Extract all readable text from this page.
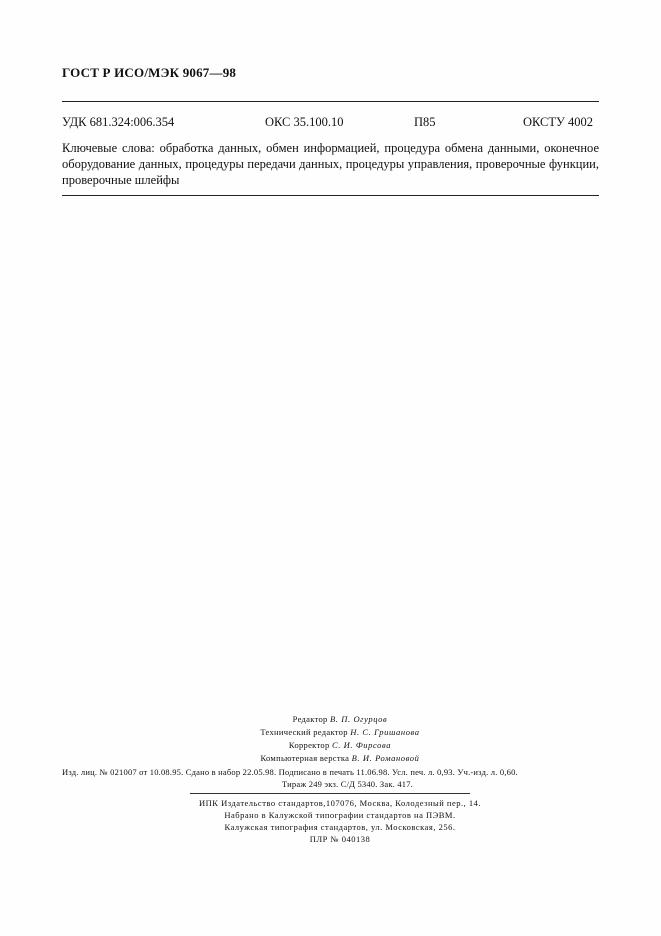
ГОСТ Р ИСО/МЭК 9067—98
УДК 681.324:006.354	ОКС 35.100.10	П85	ОКСТУ 4002
Ключевые слова: обработка данных, обмен информацией, процедура обмена данными, оконечное оборудование данных, процедуры передачи данных, процедуры управления, проверочные функции, проверочные шлейфы
Редактор В. П. Огурцов
Технический редактор Н. С. Гришанова
Корректор С. И. Фирсова
Компьютерная верстка В. И. Романовой
Изд. лиц. № 021007 от 10.08.95. Сдано в набор 22.05.98. Подписано в печать 11.06.98. Усл. печ. л. 0,93. Уч.-изд. л. 0,60.
Тираж 249 экз. С/Д 5340. Зак. 417.
ИПК Издательство стандартов,107076, Москва, Колодезный пер., 14.
Набрано в Калужской типографии стандартов на ПЭВМ.
Калужская типография стандартов, ул. Московская, 256.
ПЛР № 040138
